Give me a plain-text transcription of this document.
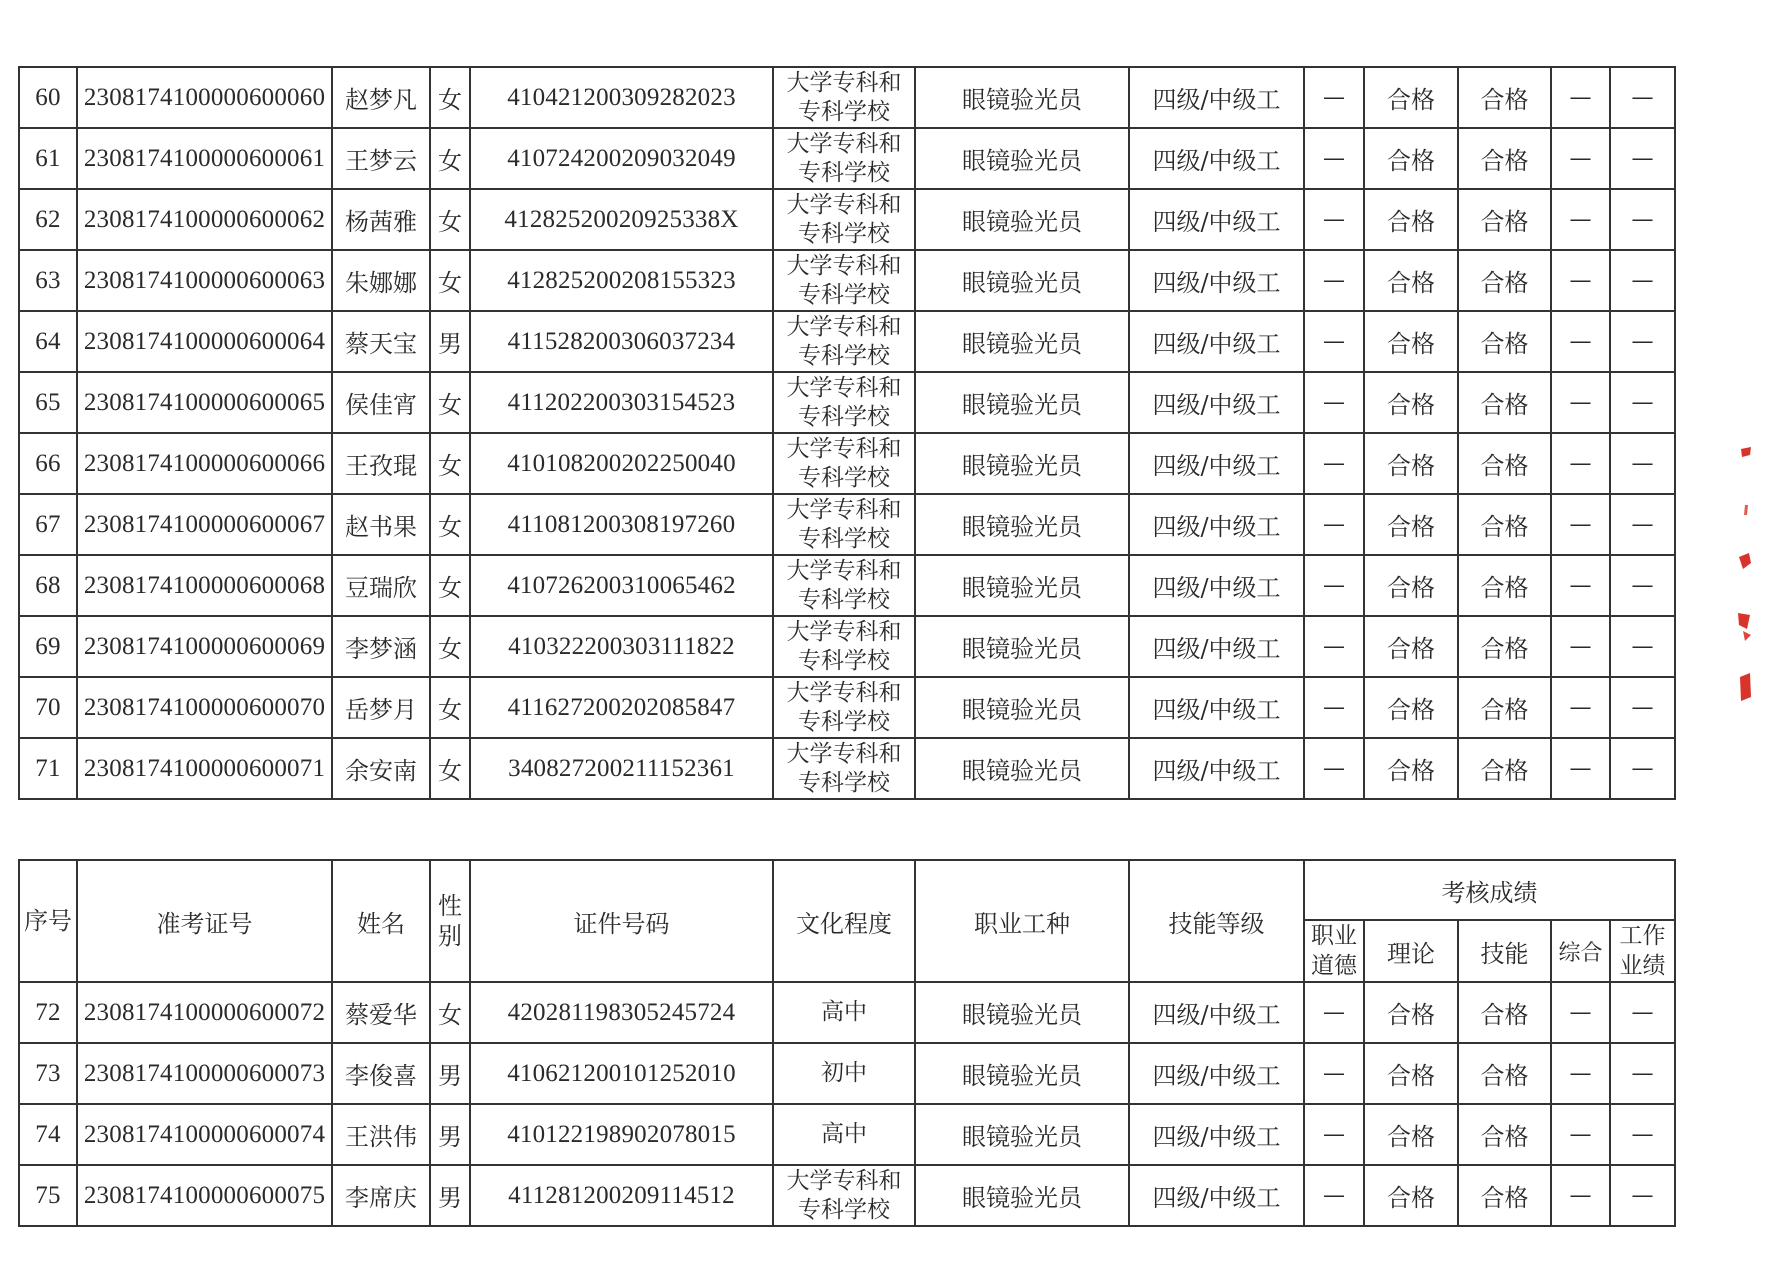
60	2308174100000600060	赵梦凡	女	410421200309282023	大学专科和
专科学校	眼镜验光员	四级/中级工	—	合格	合格	—	—
61	2308174100000600061	王梦云	女	410724200209032049	大学专科和
专科学校	眼镜验光员	四级/中级工	—	合格	合格	—	—
62	2308174100000600062	杨茜雅	女	41282520020925338X	大学专科和
专科学校	眼镜验光员	四级/中级工	—	合格	合格	—	—
63	2308174100000600063	朱娜娜	女	412825200208155323	大学专科和
专科学校	眼镜验光员	四级/中级工	—	合格	合格	—	—
64	2308174100000600064	蔡天宝	男	411528200306037234	大学专科和
专科学校	眼镜验光员	四级/中级工	—	合格	合格	—	—
65	2308174100000600065	侯佳宵	女	411202200303154523	大学专科和
专科学校	眼镜验光员	四级/中级工	—	合格	合格	—	—
66	2308174100000600066	王孜琨	女	410108200202250040	大学专科和
专科学校	眼镜验光员	四级/中级工	—	合格	合格	—	—
67	2308174100000600067	赵书果	女	411081200308197260	大学专科和
专科学校	眼镜验光员	四级/中级工	—	合格	合格	—	—
68	2308174100000600068	豆瑞欣	女	410726200310065462	大学专科和
专科学校	眼镜验光员	四级/中级工	—	合格	合格	—	—
69	2308174100000600069	李梦涵	女	410322200303111822	大学专科和
专科学校	眼镜验光员	四级/中级工	—	合格	合格	—	—
70	2308174100000600070	岳梦月	女	411627200202085847	大学专科和
专科学校	眼镜验光员	四级/中级工	—	合格	合格	—	—
71	2308174100000600071	余安南	女	340827200211152361	大学专科和
专科学校	眼镜验光员	四级/中级工	—	合格	合格	—	—
序号	准考证号	姓名	性别	证件号码	文化程度	职业工种	技能等级	考核成绩				
								职业道德	理论	技能	综合	工作业绩
72	2308174100000600072	蔡爱华	女	420281198305245724	高中	眼镜验光员	四级/中级工	—	合格	合格	—	—
73	2308174100000600073	李俊喜	男	410621200101252010	初中	眼镜验光员	四级/中级工	—	合格	合格	—	—
74	2308174100000600074	王洪伟	男	410122198902078015	高中	眼镜验光员	四级/中级工	—	合格	合格	—	—
75	2308174100000600075	李席庆	男	411281200209114512	大学专科和
专科学校	眼镜验光员	四级/中级工	—	合格	合格	—	—
